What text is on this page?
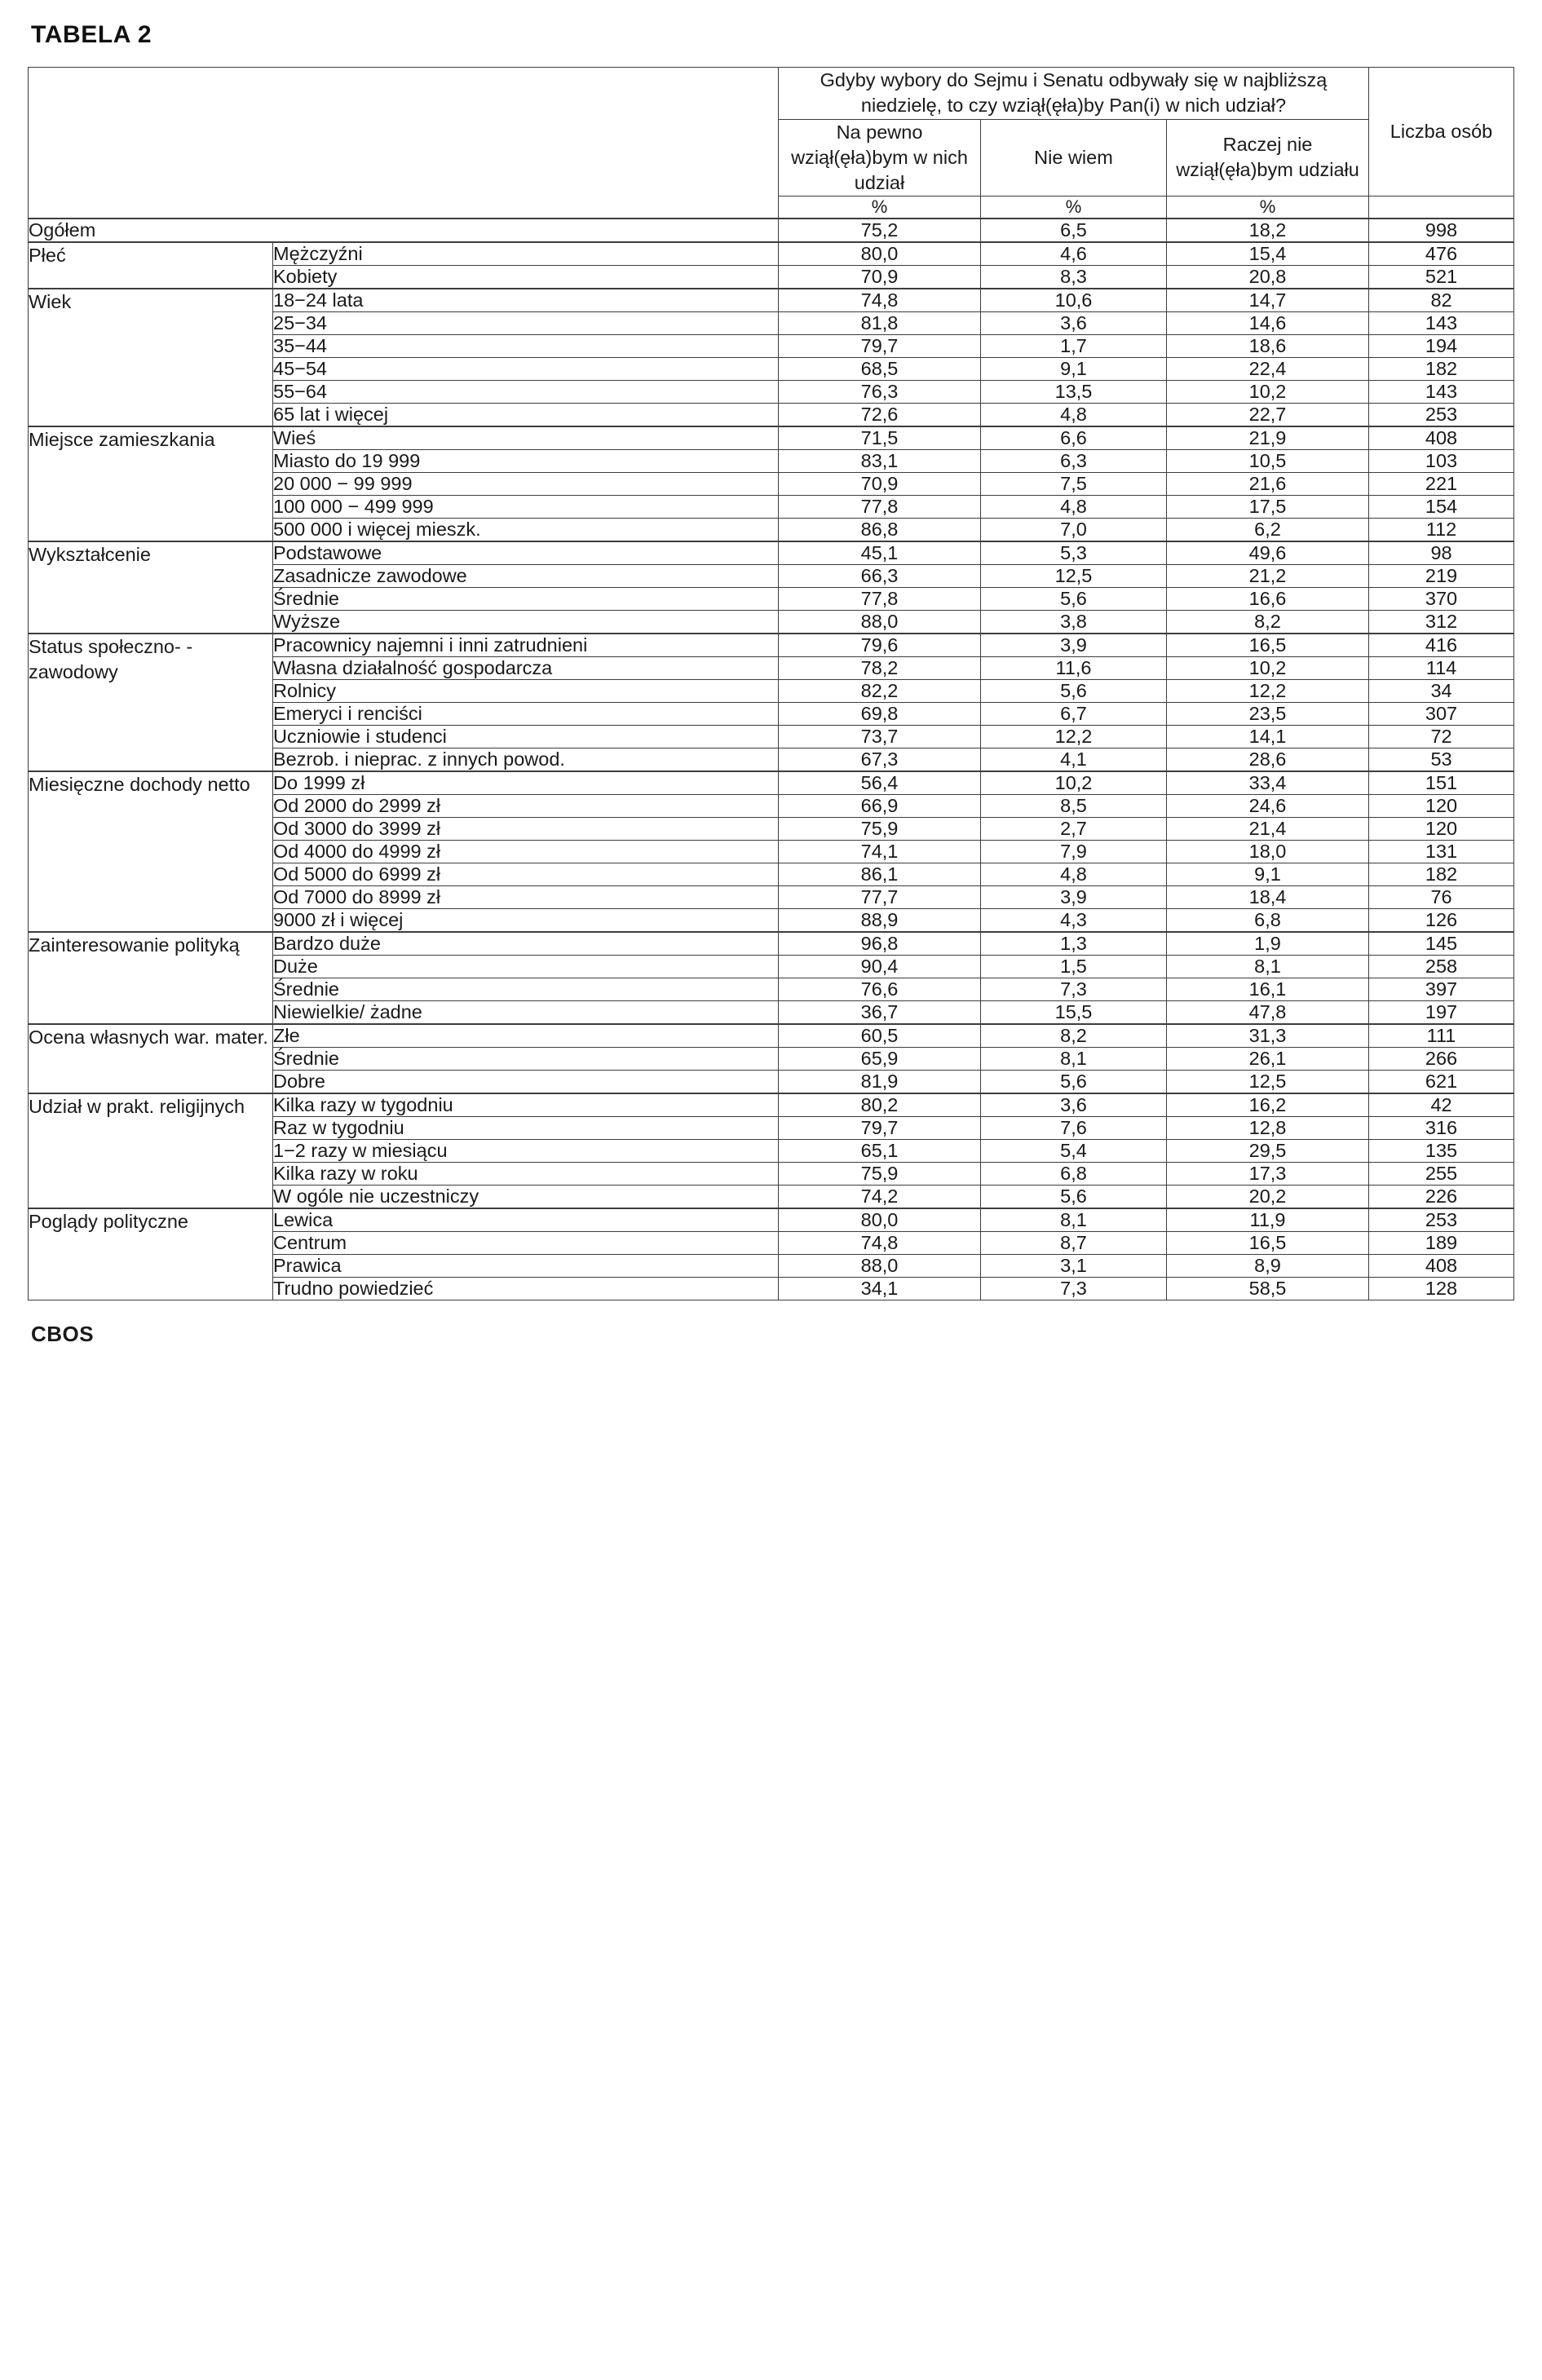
TABELA 2
		Gdyby wybory do Sejmu i Senatu odbywały się w najbliższą niedzielę, to czy wziął(ęła)by Pan(i) w nich udział?			Liczba osób
		Na pewno wziął(ęła)bym w nich udział	Nie wiem	Raczej nie wziął(ęła)bym udziału	
		%	%	%	
Ogółem		75,2	6,5	18,2	998
Płeć	Mężczyźni	80,0	4,6	15,4	476
	Kobiety	70,9	8,3	20,8	521
Wiek	18−24 lata	74,8	10,6	14,7	82
	25−34	81,8	3,6	14,6	143
	35−44	79,7	1,7	18,6	194
	45−54	68,5	9,1	22,4	182
	55−64	76,3	13,5	10,2	143
	65 lat i więcej	72,6	4,8	22,7	253
Miejsce zamieszkania	Wieś	71,5	6,6	21,9	408
	Miasto do 19 999	83,1	6,3	10,5	103
	20 000 − 99 999	70,9	7,5	21,6	221
	100 000 − 499 999	77,8	4,8	17,5	154
	500 000 i więcej mieszk.	86,8	7,0	6,2	112
Wykształcenie	Podstawowe	45,1	5,3	49,6	98
	Zasadnicze zawodowe	66,3	12,5	21,2	219
	Średnie	77,8	5,6	16,6	370
	Wyższe	88,0	3,8	8,2	312
Status społeczno- -zawodowy	Pracownicy najemni i inni zatrudnieni	79,6	3,9	16,5	416
	Własna działalność gospodarcza	78,2	11,6	10,2	114
	Rolnicy	82,2	5,6	12,2	34
	Emeryci i renciści	69,8	6,7	23,5	307
	Uczniowie i studenci	73,7	12,2	14,1	72
	Bezrob. i nieprac. z innych powod.	67,3	4,1	28,6	53
Miesięczne dochody netto	Do 1999 zł	56,4	10,2	33,4	151
	Od 2000 do 2999 zł	66,9	8,5	24,6	120
	Od 3000 do 3999 zł	75,9	2,7	21,4	120
	Od 4000 do 4999 zł	74,1	7,9	18,0	131
	Od 5000 do 6999 zł	86,1	4,8	9,1	182
	Od 7000 do 8999 zł	77,7	3,9	18,4	76
	9000 zł i więcej	88,9	4,3	6,8	126
Zainteresowanie polityką	Bardzo duże	96,8	1,3	1,9	145
	Duże	90,4	1,5	8,1	258
	Średnie	76,6	7,3	16,1	397
	Niewielkie/ żadne	36,7	15,5	47,8	197
Ocena własnych war. mater.	Złe	60,5	8,2	31,3	111
	Średnie	65,9	8,1	26,1	266
	Dobre	81,9	5,6	12,5	621
Udział w prakt. religijnych	Kilka razy w tygodniu	80,2	3,6	16,2	42
	Raz w tygodniu	79,7	7,6	12,8	316
	1−2 razy w miesiącu	65,1	5,4	29,5	135
	Kilka razy w roku	75,9	6,8	17,3	255
	W ogóle nie uczestniczy	74,2	5,6	20,2	226
Poglądy polityczne	Lewica	80,0	8,1	11,9	253
	Centrum	74,8	8,7	16,5	189
	Prawica	88,0	3,1	8,9	408
	Trudno powiedzieć	34,1	7,3	58,5	128
CBOS
